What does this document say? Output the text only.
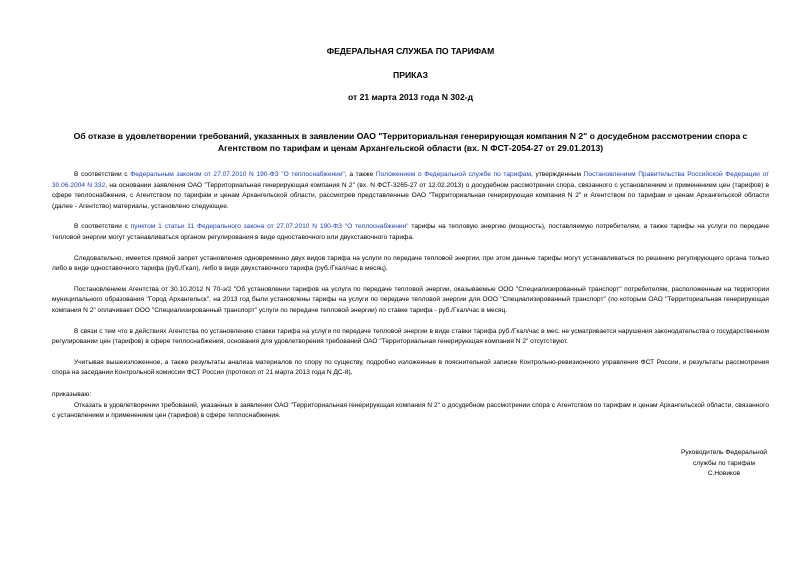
ФЕДЕРАЛЬНАЯ СЛУЖБА ПО ТАРИФАМ

ПРИКАЗ

от 21 марта 2013 года N 302-д

Об отказе в удовлетворении требований, указанных в заявлении ОАО "Территориальная генерирующая компания N 2" о досудебном рассмотрении спора с Агентством по тарифам и ценам Архангельской области (вх. N ФСТ-2054-27 от 29.01.2013)

В соответствии с Федеральным законом от 27.07.2010 N 190-ФЗ "О теплоснабжении", а также Положением о Федеральной службе по тарифам, утвержденным Постановлением Правительства Российской Федерации от 30.06.2004 N 332, на основании заявления ОАО "Территориальная генерирующая компания N 2" (вх. N ФСТ-3265-27 от 12.02.2013) о досудебном рассмотрении спора, связанного с установлением и применением цен (тарифов) в сфере теплоснабжения, с Агентством по тарифам и ценам Архангельской области, рассмотрев представленные ОАО "Территориальная генерирующая компания N 2" и Агентством по тарифам и ценам Архангельской области (далее - Агентство) материалы, установлено следующее.

В соответствии с пунктом 1 статьи 11 Федерального закона от 27.07.2010 N 190-ФЗ "О теплоснабжении" тарифы на тепловую энергию (мощность), поставляемую потребителям, а также тарифы на услуги по передаче тепловой энергии могут устанавливаться органом регулирования в виде одноставочного или двухставочного тарифа.

Следовательно, имеется прямой запрет установления одновременно двух видов тарифа на услуги по передаче тепловой энергии, при этом данные тарифы могут устанавливаться по решению регулирующего органа только либо в виде одноставочного тарифа (руб./Гкал), либо в виде двухставочного тарифа (руб./Гкал/час в месяц).

Постановлением Агентства от 30.10.2012 N 70-э/2 "Об установлении тарифов на услуги по передаче тепловой энергии, оказываемые ООО "Специализированный транспорт" потребителям, расположенным на территории муниципального образования "Город Архангельск", на 2013 год были установлены тарифы на услуги по передаче тепловой энергии для ООО "Специализированный транспорт" (по которым ОАО "Территориальная генерирующая компания N 2" оплачивает ООО "Специализированный транспорт" услуги по передаче тепловой энергии) по ставке тарифа - руб./Гкал/час в месяц.

В связи с тем что в действиях Агентства по установлению ставки тарифа на услуги по передаче тепловой энергии в виде ставки тарифа руб./Гкал/час в мес. не усматривается нарушения законодательства о государственном регулировании цен (тарифов) в сфере теплоснабжения, основания для удовлетворения требований ОАО "Территориальная генерирующая компания N 2" отсутствуют.

Учитывая вышеизложенное, а также результаты анализа материалов по спору по существу, подробно изложенные в пояснительной записке Контрольно-ревизионного управления ФСТ России, и результаты рассмотрения спора на заседании Контрольной комиссии ФСТ России (протокол от 21 марта 2013 года N ДС-8),

приказываю:

Отказать в удовлетворении требований, указанных в заявлении ОАО "Территориальная генерирующая компания N 2" о досудебном рассмотрении спора с Агентством по тарифам и ценам Архангельской области, связанного с установлением и применением цен (тарифов) в сфере теплоснабжения.

Руководитель Федеральной
службы по тарифам
С.Новиков
